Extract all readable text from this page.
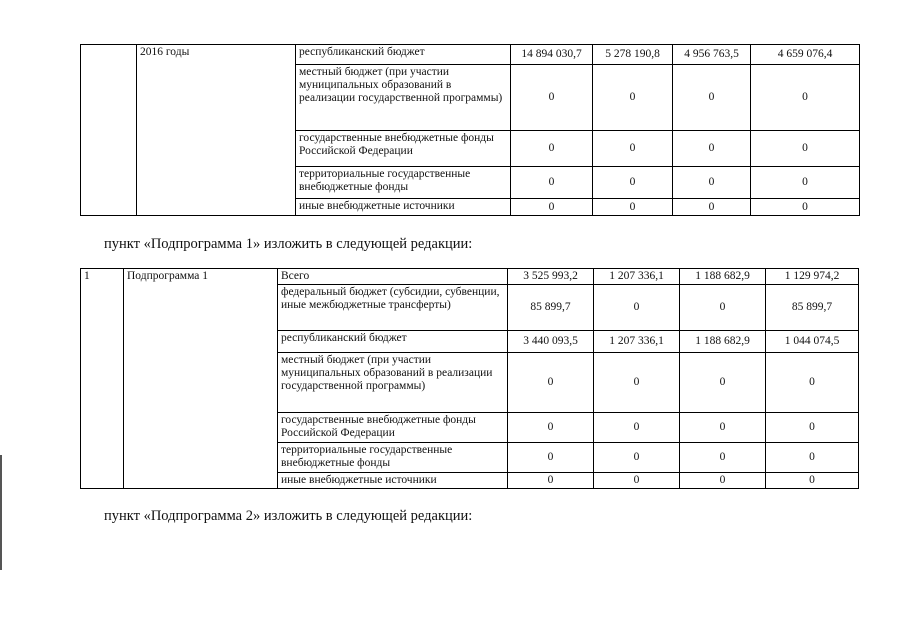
	2016 годы	республиканский бюджет	14 894 030,7	5 278 190,8	4 956 763,5	4 659 076,4
		местный бюджет (при участии муниципальных образований в реализации государственной программы)	0	0	0	0
		государственные внебюджетные фонды Российской Федерации	0	0	0	0
		территориальные государственные внебюджетные фонды	0	0	0	0
		иные внебюджетные источники	0	0	0	0
пункт «Подпрограмма 1» изложить в следующей редакции:
1	Подпрограмма 1	Всего	3 525 993,2	1 207 336,1	1 188 682,9	1 129 974,2
		федеральный бюджет (субсидии, субвенции, иные межбюджетные трансферты)	85 899,7	0	0	85 899,7
		республиканский бюджет	3 440 093,5	1 207 336,1	1 188 682,9	1 044 074,5
		местный бюджет (при участии муниципальных образований в реализации государственной программы)	0	0	0	0
		государственные внебюджетные фонды Российской Федерации	0	0	0	0
		территориальные государственные внебюджетные фонды	0	0	0	0
		иные внебюджетные источники	0	0	0	0
пункт «Подпрограмма 2» изложить в следующей редакции:
